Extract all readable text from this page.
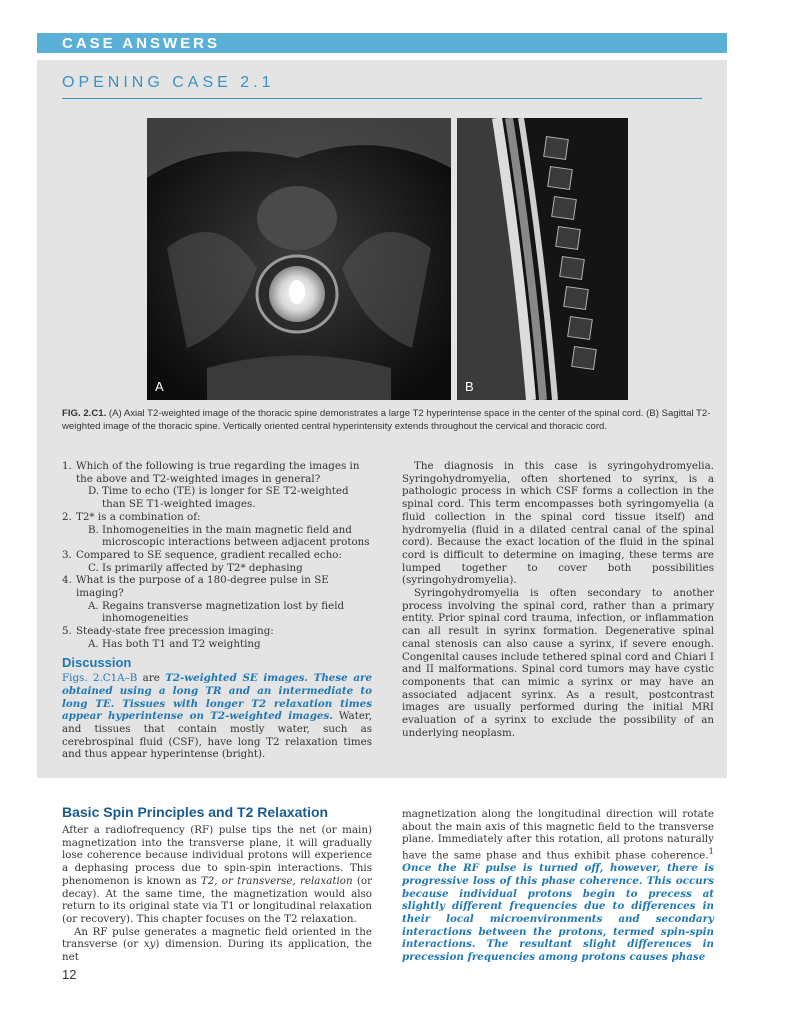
CASE ANSWERS
OPENING CASE 2.1
A	B
FIG. 2.C1. (A) Axial T2-weighted image of the thoracic spine demonstrates a large T2 hyperintense space in the center of the spinal cord. (B) Sagittal T2-weighted image of the thoracic spine. Vertically oriented central hyperintensity extends throughout the cervical and thoracic cord.
1. Which of the following is true regarding the images in the above and T2-weighted images in general?
D. Time to echo (TE) is longer for SE T2-weighted than SE T1-weighted images.
2. T2* is a combination of:
B. Inhomogeneities in the main magnetic field and microscopic interactions between adjacent protons
3. Compared to SE sequence, gradient recalled echo:
C. Is primarily affected by T2* dephasing
4. What is the purpose of a 180-degree pulse in SE imaging?
A. Regains transverse magnetization lost by field inhomogeneities
5. Steady-state free precession imaging:
A. Has both T1 and T2 weighting
Discussion

Figs. 2.C1A–B are T2-weighted SE images. These are obtained using a long TR and an intermediate to long TE. Tissues with longer T2 relaxation times appear hyperintense on T2-weighted images. Water, and tissues that contain mostly water, such as cerebrospinal fluid (CSF), have long T2 relaxation times and thus appear hyperintense (bright).

The diagnosis in this case is syringohydromyelia. Syringohydromyelia, often shortened to syrinx, is a pathologic process in which CSF forms a collection in the spinal cord. This term encompasses both syringomyelia (a fluid collection in the spinal cord tissue itself) and hydromyelia (fluid in a dilated central canal of the spinal cord). Because the exact location of the fluid in the spinal cord is difficult to determine on imaging, these terms are lumped together to cover both possibilities (syringohydromyelia).

Syringohydromyelia is often secondary to another process involving the spinal cord, rather than a primary entity. Prior spinal cord trauma, infection, or inflammation can all result in syrinx formation. Degenerative spinal canal stenosis can also cause a syrinx, if severe enough. Congenital causes include tethered spinal cord and Chiari I and II malformations. Spinal cord tumors may have cystic components that can mimic a syrinx or may have an associated adjacent syrinx. As a result, postcontrast images are usually performed during the initial MRI evaluation of a syrinx to exclude the possibility of an underlying neoplasm.

Basic Spin Principles and T2 Relaxation

After a radiofrequency (RF) pulse tips the net (or main) magnetization into the transverse plane, it will gradually lose coherence because individual protons will experience a dephasing process due to spin-spin interactions. This phenomenon is known as T2, or transverse, relaxation (or decay). At the same time, the magnetization would also return to its original state via T1 or longitudinal relaxation (or recovery). This chapter focuses on the T2 relaxation.

An RF pulse generates a magnetic field oriented in the transverse (or xy) dimension. During its application, the net

magnetization along the longitudinal direction will rotate about the main axis of this magnetic field to the transverse plane. Immediately after this rotation, all protons naturally have the same phase and thus exhibit phase coherence.$^1$ Once the RF pulse is turned off, however, there is progressive loss of this phase coherence. This occurs because individual protons begin to precess at slightly different frequencies due to differences in their local microenvironments and secondary interactions between the protons, termed spin-spin interactions. The resultant slight differences in precession frequencies among protons causes phase

12
